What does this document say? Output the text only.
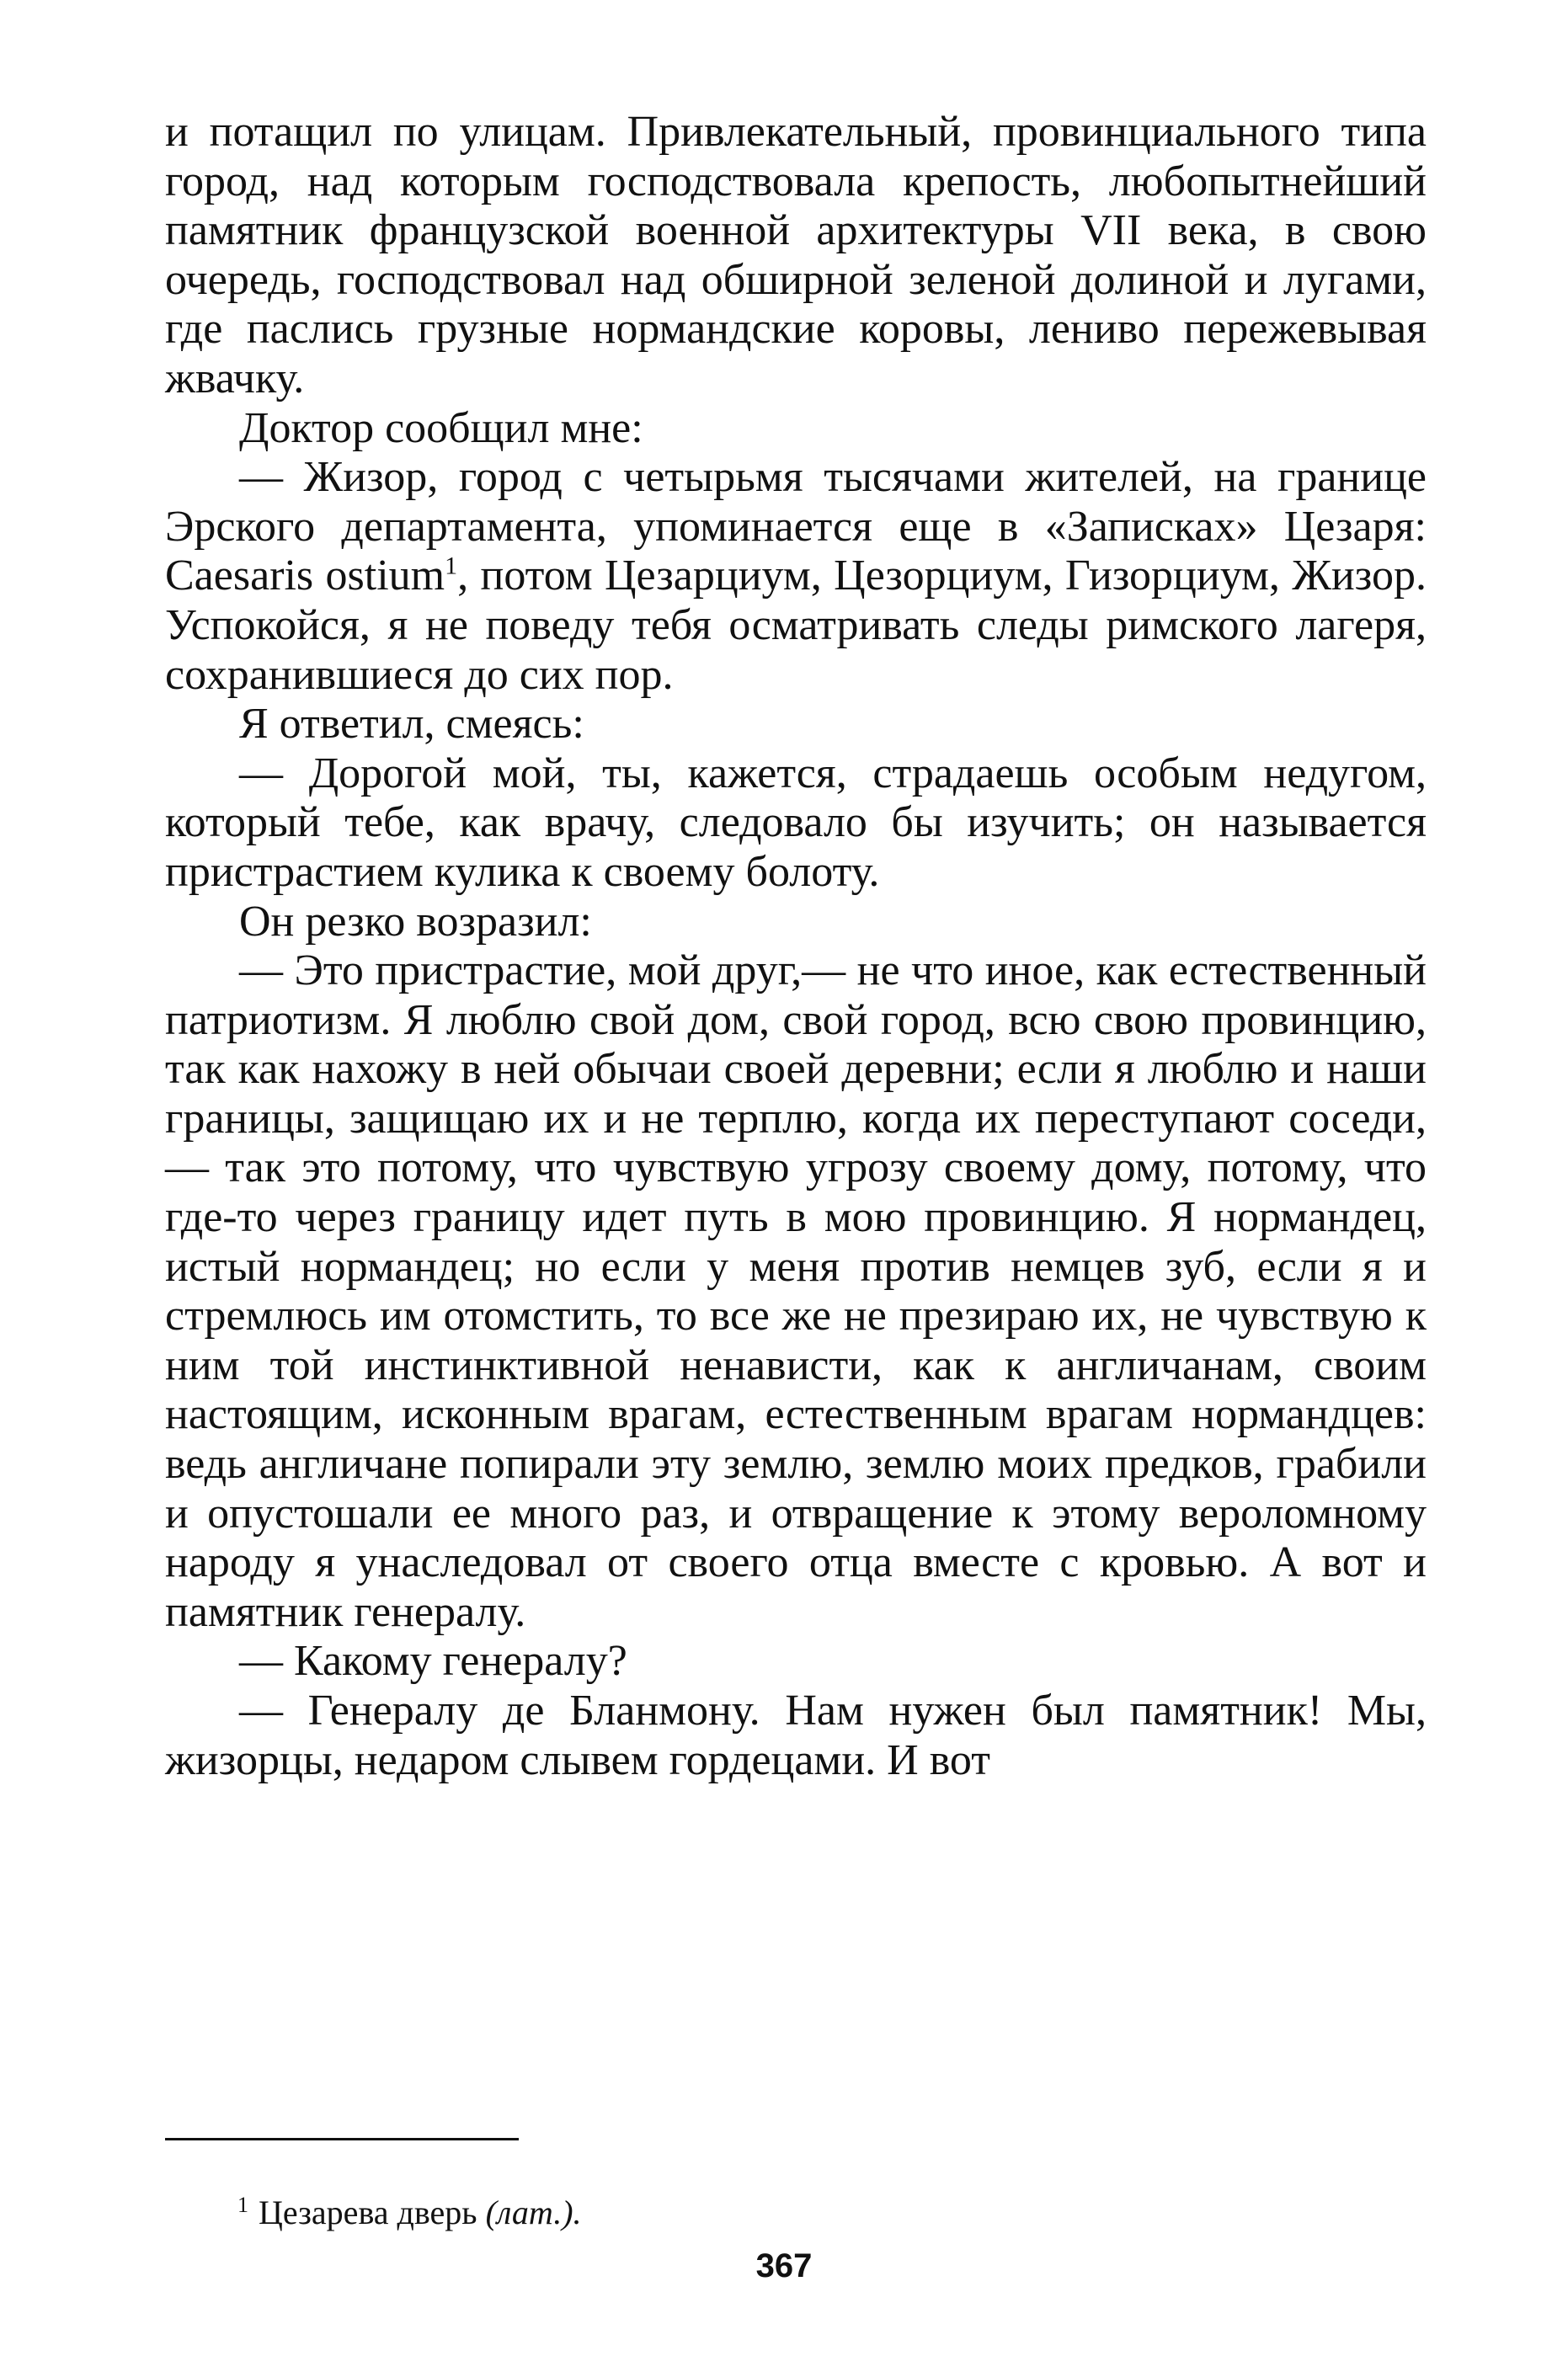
и потащил по улицам. Привлекательный, провинциального типа город, над которым господствовала крепость, любопытнейший памятник французской военной архитектуры VII века, в свою очередь, господствовал над обширной зеленой долиной и лугами, где паслись грузные нормандские коровы, лениво пережевывая жвачку.

Доктор сообщил мне:

— Жизор, город с четырьмя тысячами жителей, на границе Эрского департамента, упоминается еще в «Записках» Цезаря: Caesaris ostium$^1$, потом Цезарциум, Цезорциум, Гизорциум, Жизор. Успокойся, я не поведу тебя осматривать следы римского лагеря, сохранившиеся до сих пор.

Я ответил, смеясь:

— Дорогой мой, ты, кажется, страдаешь особым недугом, который тебе, как врачу, следовало бы изучить; он называется пристрастием кулика к своему болоту.

Он резко возразил:

— Это пристрастие, мой друг,— не что иное, как естественный патриотизм. Я люблю свой дом, свой город, всю свою провинцию, так как нахожу в ней обычаи своей деревни; если я люблю и наши границы, защищаю их и не терплю, когда их переступают соседи,— так это потому, что чувствую угрозу своему дому, потому, что где-то через границу идет путь в мою провинцию. Я нормандец, истый нормандец; но если у меня против немцев зуб, если я и стремлюсь им отомстить, то все же не презираю их, не чувствую к ним той инстинктивной ненависти, как к англичанам, своим настоящим, исконным врагам, естественным врагам нормандцев: ведь англичане попирали эту землю, землю моих предков, грабили и опустошали ее много раз, и отвращение к этому вероломному народу я унаследовал от своего отца вместе с кровью. А вот и памятник генералу.

— Какому генералу?

— Генералу де Бланмону. Нам нужен был памятник! Мы, жизорцы, недаром слывем гордецами. И вот

$^1$ Цезарева дверь (лат.).
367
